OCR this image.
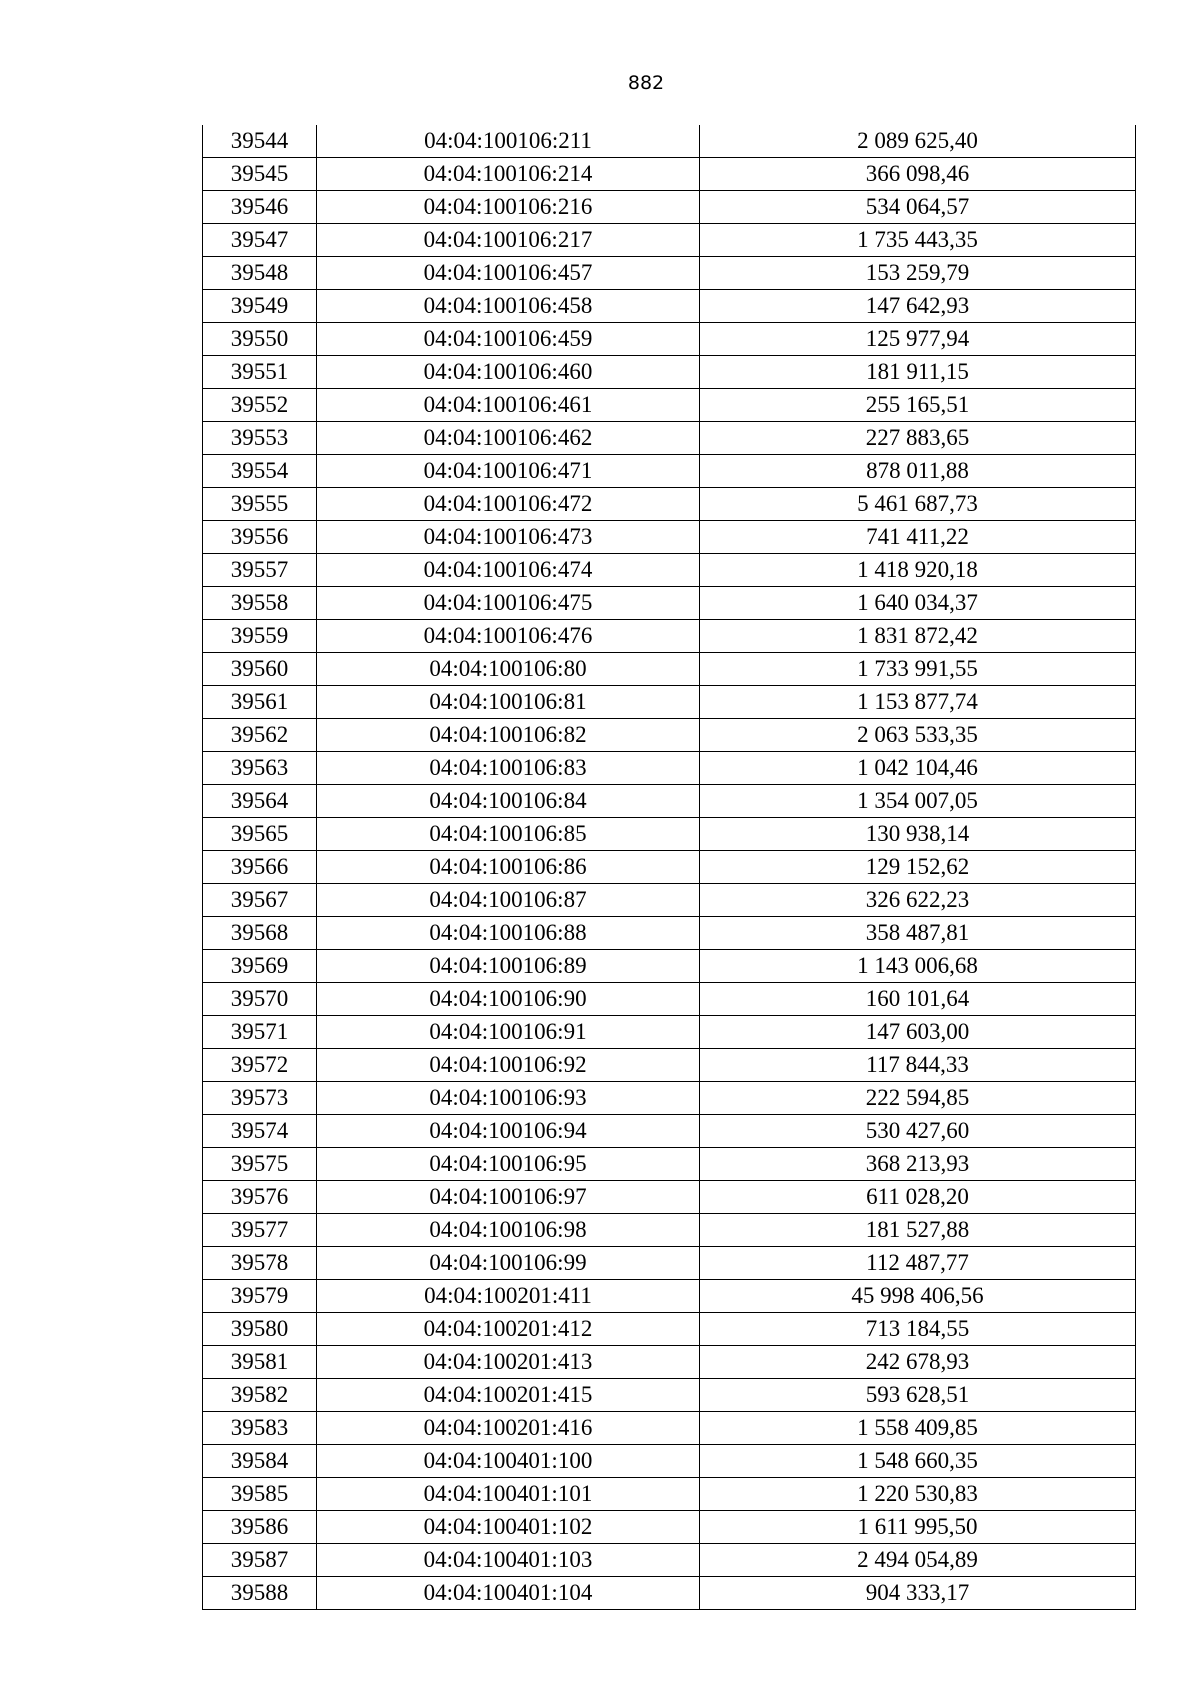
882
39544	04:04:100106:211	2 089 625,40
39545	04:04:100106:214	366 098,46
39546	04:04:100106:216	534 064,57
39547	04:04:100106:217	1 735 443,35
39548	04:04:100106:457	153 259,79
39549	04:04:100106:458	147 642,93
39550	04:04:100106:459	125 977,94
39551	04:04:100106:460	181 911,15
39552	04:04:100106:461	255 165,51
39553	04:04:100106:462	227 883,65
39554	04:04:100106:471	878 011,88
39555	04:04:100106:472	5 461 687,73
39556	04:04:100106:473	741 411,22
39557	04:04:100106:474	1 418 920,18
39558	04:04:100106:475	1 640 034,37
39559	04:04:100106:476	1 831 872,42
39560	04:04:100106:80	1 733 991,55
39561	04:04:100106:81	1 153 877,74
39562	04:04:100106:82	2 063 533,35
39563	04:04:100106:83	1 042 104,46
39564	04:04:100106:84	1 354 007,05
39565	04:04:100106:85	130 938,14
39566	04:04:100106:86	129 152,62
39567	04:04:100106:87	326 622,23
39568	04:04:100106:88	358 487,81
39569	04:04:100106:89	1 143 006,68
39570	04:04:100106:90	160 101,64
39571	04:04:100106:91	147 603,00
39572	04:04:100106:92	117 844,33
39573	04:04:100106:93	222 594,85
39574	04:04:100106:94	530 427,60
39575	04:04:100106:95	368 213,93
39576	04:04:100106:97	611 028,20
39577	04:04:100106:98	181 527,88
39578	04:04:100106:99	112 487,77
39579	04:04:100201:411	45 998 406,56
39580	04:04:100201:412	713 184,55
39581	04:04:100201:413	242 678,93
39582	04:04:100201:415	593 628,51
39583	04:04:100201:416	1 558 409,85
39584	04:04:100401:100	1 548 660,35
39585	04:04:100401:101	1 220 530,83
39586	04:04:100401:102	1 611 995,50
39587	04:04:100401:103	2 494 054,89
39588	04:04:100401:104	904 333,17
